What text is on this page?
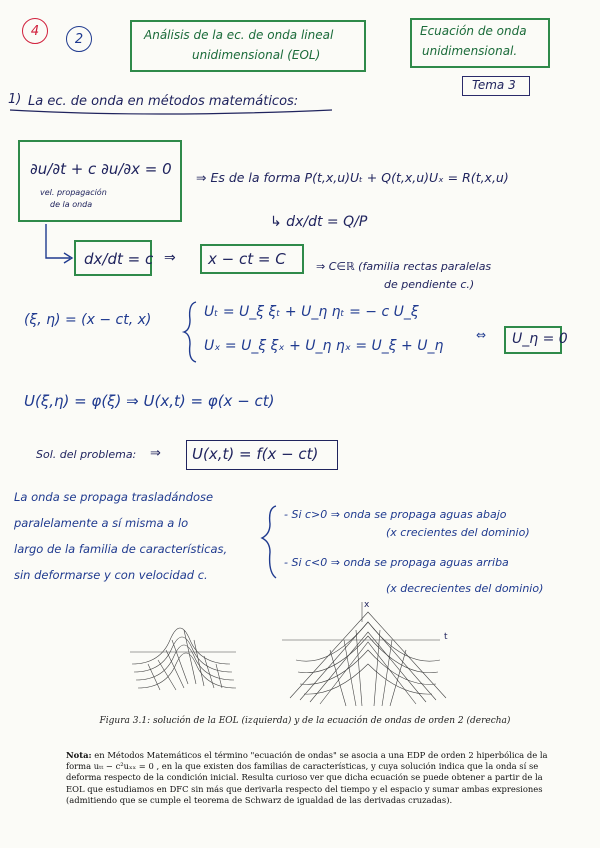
4
2	Análisis de la ec. de onda lineal
unidimensional (EOL)
Ecuación de onda
unidimensional.
Tema 3
1) La ec. de onda en métodos matemáticos:
∂u/∂t + c ∂u/∂x = 0
vel. propagación
de la onda
⇒ Es de la forma P(t,x,u)Uₜ + Q(t,x,u)Uₓ = R(t,x,u)
↳ dx/dt = Q/P
dx/dt = c ⇒ x − ct = C	⇒ C∈ℝ (familia rectas paralelas
de pendiente c.)
(ξ, η) = (x − ct, x)	Uₜ = U_ξ ξₜ + U_η ηₜ = − c U_ξ
Uₓ = U_ξ ξₓ + U_η ηₓ = U_ξ + U_η
⇔ U_η = 0
U(ξ,η) = φ(ξ) ⇒ U(x,t) = φ(x − ct)
Sol. del problema: ⇒ U(x,t) = f(x − ct)
La onda se propaga trasladándose
paralelamente a sí misma a lo
largo de la familia de características,
sin deformarse y con velocidad c.
- Si c>0 ⇒ onda se propaga aguas abajo
(x crecientes del dominio)
- Si c<0 ⇒ onda se propaga aguas arriba
(x decrecientes del dominio)
x
t
Figura 3.1: solución de la EOL (izquierda) y de la ecuación de ondas de orden 2 (derecha)
Nota: en Métodos Matemáticos el término "ecuación de ondas" se asocia a una EDP de orden 2 hiperbólica de la forma uₜₜ − c²uₓₓ = 0 , en la que existen dos familias de características, y cuya solución indica que la onda sí se deforma respecto de la condición inicial. Resulta curioso ver que dicha ecuación se puede obtener a partir de la EOL que estudiamos en DFC sin más que derivarla respecto del tiempo y el espacio y sumar ambas expresiones (admitiendo que se cumple el teorema de Schwarz de igualdad de las derivadas cruzadas).
